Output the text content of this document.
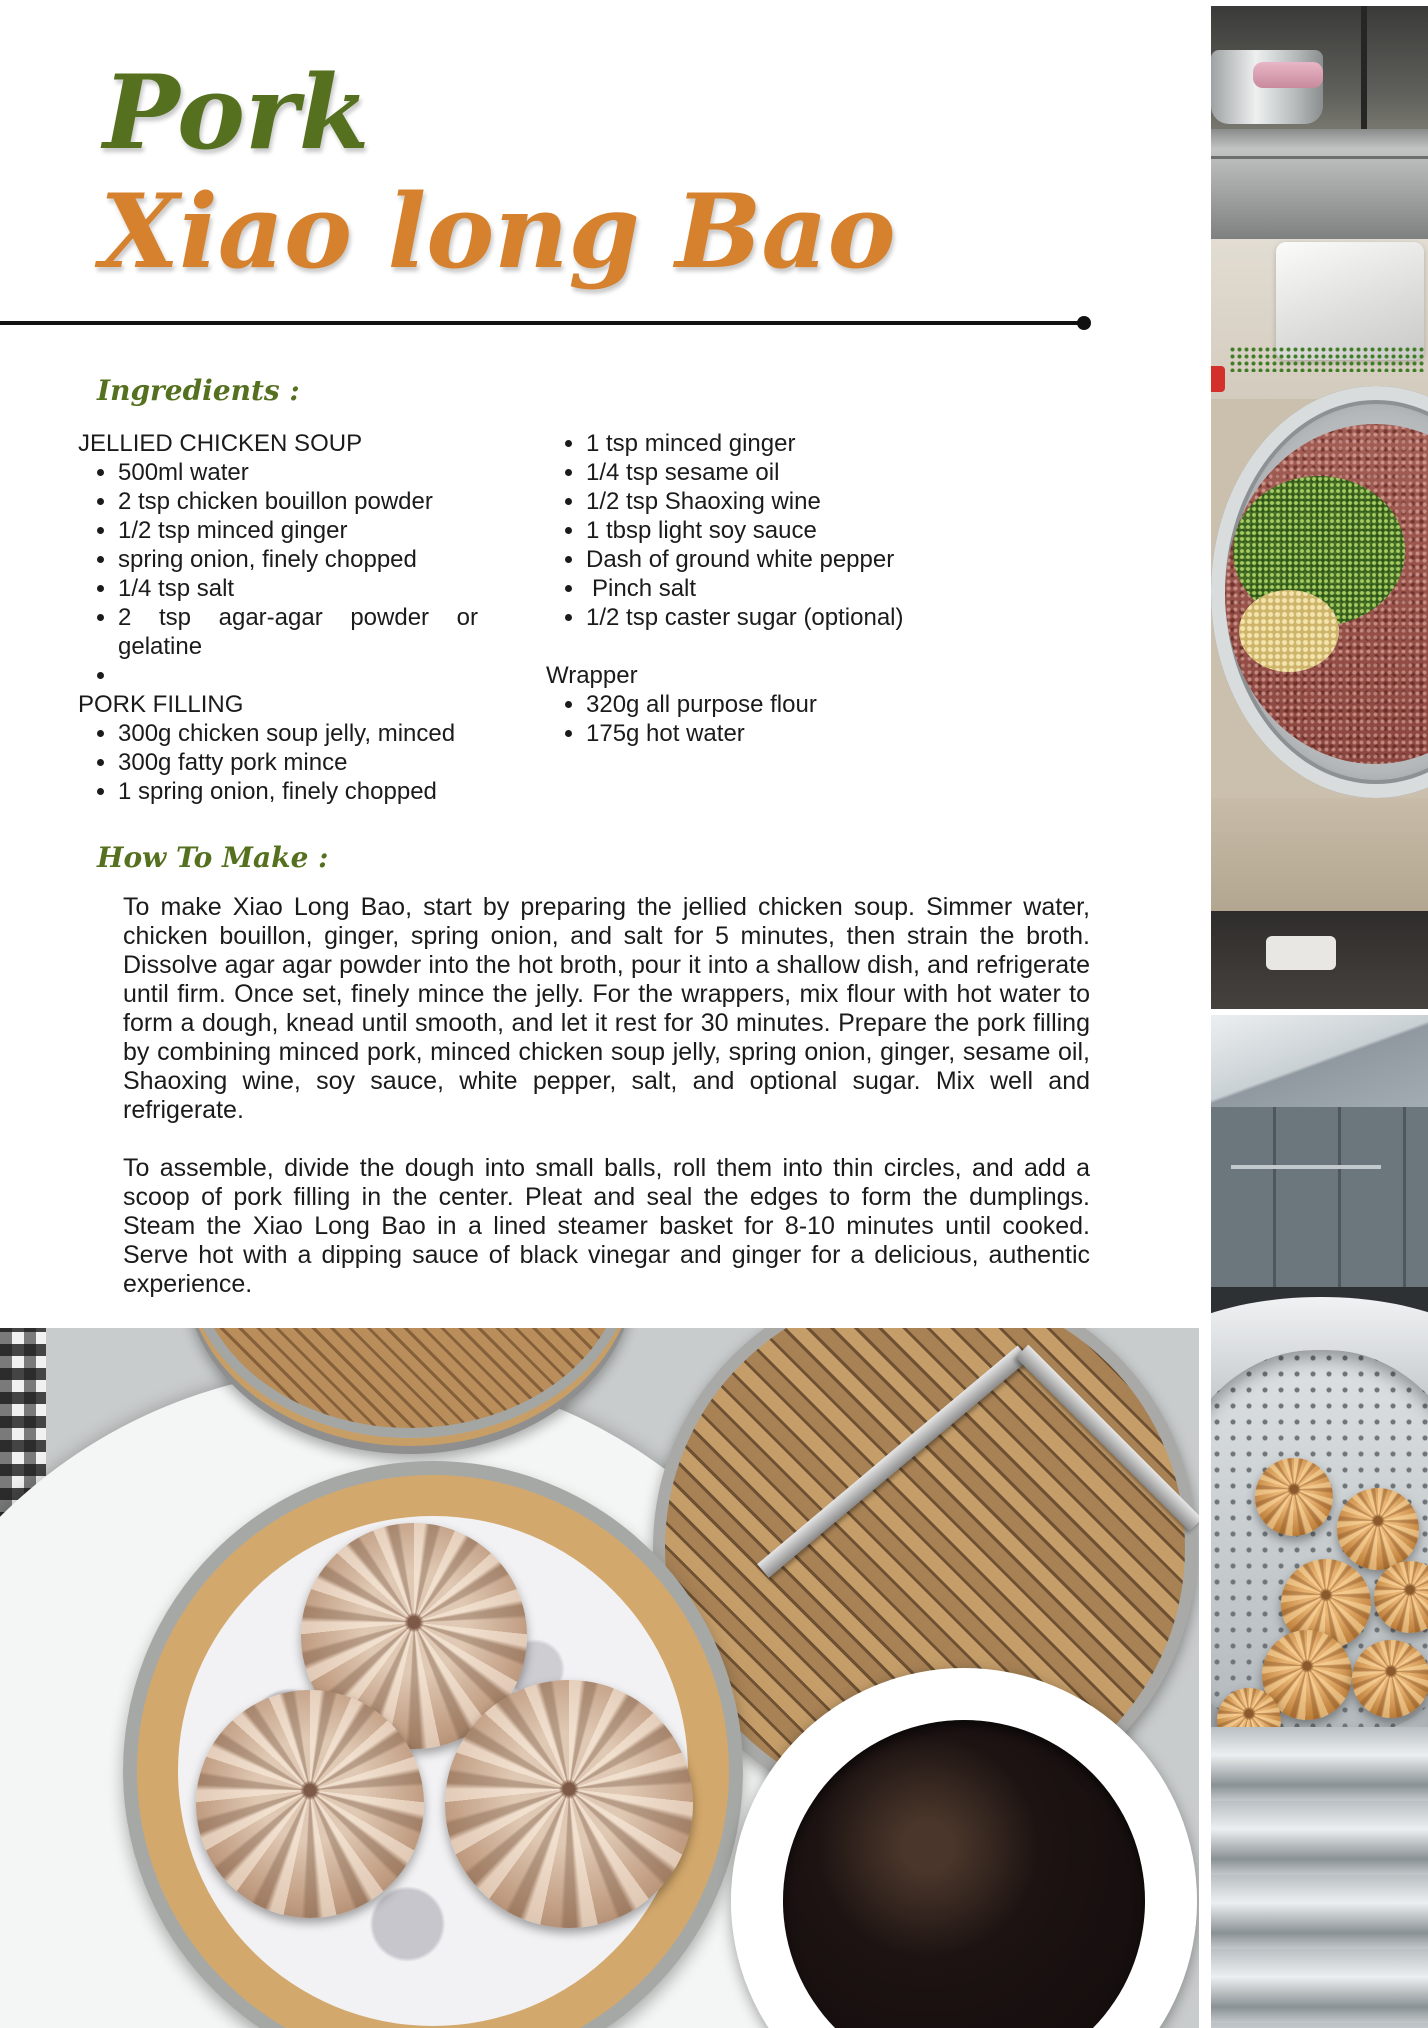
Pork
Xiao long Bao
Ingredients :
JELLIED CHICKEN SOUP
• 500ml water
• 2 tsp chicken bouillon powder
• 1/2 tsp minced ginger
• spring onion, finely chopped
• 1/4 tsp salt
• 2 tsp agar-agar powder or gelatine
•
PORK FILLING
• 300g chicken soup jelly, minced
• 300g fatty pork mince
• 1 spring onion, finely chopped
• 1 tsp minced ginger
• 1/4 tsp sesame oil
• 1/2 tsp Shaoxing wine
• 1 tbsp light soy sauce
• Dash of ground white pepper
• Pinch salt
• 1/2 tsp caster sugar (optional)
Wrapper
• 320g all purpose flour
• 175g hot water
How To Make :

To make Xiao Long Bao, start by preparing the jellied chicken soup. Simmer water, chicken bouillon, ginger, spring onion, and salt for 5 minutes, then strain the broth. Dissolve agar agar powder into the hot broth, pour it into a shallow dish, and refrigerate until firm. Once set, finely mince the jelly. For the wrappers, mix flour with hot water to form a dough, knead until smooth, and let it rest for 30 minutes. Prepare the pork filling by combining minced pork, minced chicken soup jelly, spring onion, ginger, sesame oil, Shaoxing wine, soy sauce, white pepper, salt, and optional sugar. Mix well and refrigerate.

To assemble, divide the dough into small balls, roll them into thin circles, and add a scoop of pork filling in the center. Pleat and seal the edges to form the dumplings. Steam the Xiao Long Bao in a lined steamer basket for 8-10 minutes until cooked. Serve hot with a dipping sauce of black vinegar and ginger for a delicious, authentic experience.
